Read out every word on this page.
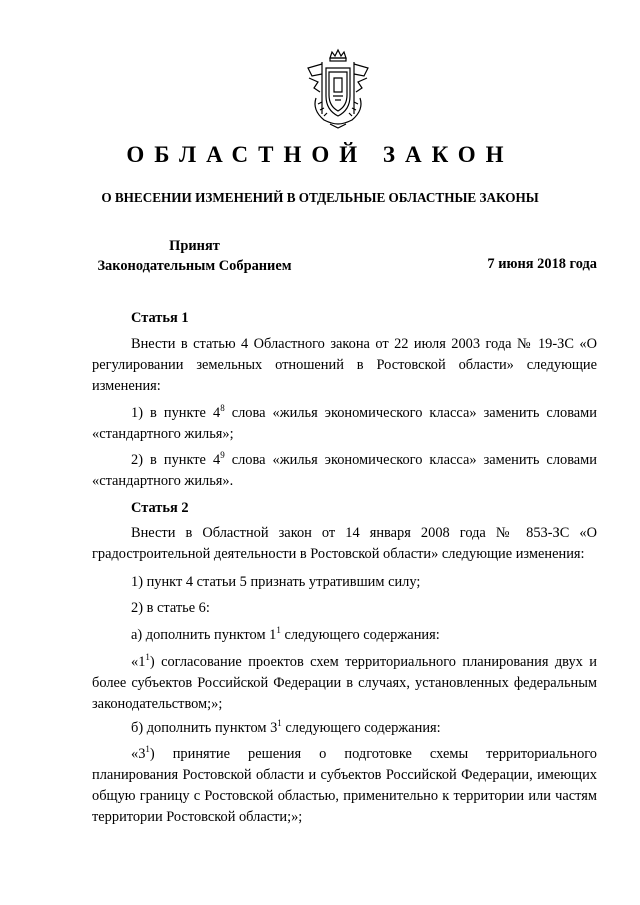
ОБЛАСТНОЙ ЗАКОН
О ВНЕСЕНИИ ИЗМЕНЕНИЙ В ОТДЕЛЬНЫЕ ОБЛАСТНЫЕ ЗАКОНЫ
Принят
Законодательным Собранием	7 июня 2018 года
Статья 1

Внести в статью 4 Областного закона от 22 июля 2003 года № 19-ЗС «О регулировании земельных отношений в Ростовской области» следующие изменения:

1) в пункте $4^8$ слова «жилья экономического класса» заменить словами «стандартного жилья»;

2) в пункте $4^9$ слова «жилья экономического класса» заменить словами «стандартного жилья».

Статья 2

Внести в Областной закон от 14 января 2008 года № 853-ЗС «О градостроительной деятельности в Ростовской области» следующие изменения:

1) пункт 4 статьи 5 признать утратившим силу;

2) в статье 6:

а) дополнить пунктом $1^1$ следующего содержания:

«$1^1$) согласование проектов схем территориального планирования двух и более субъектов Российской Федерации в случаях, установленных федеральным законодательством;»;

б) дополнить пунктом $3^1$ следующего содержания:

«$3^1$) принятие решения о подготовке схемы территориального планирования Ростовской области и субъектов Российской Федерации, имеющих общую границу с Ростовской областью, применительно к территории или частям территории Ростовской области;»;
